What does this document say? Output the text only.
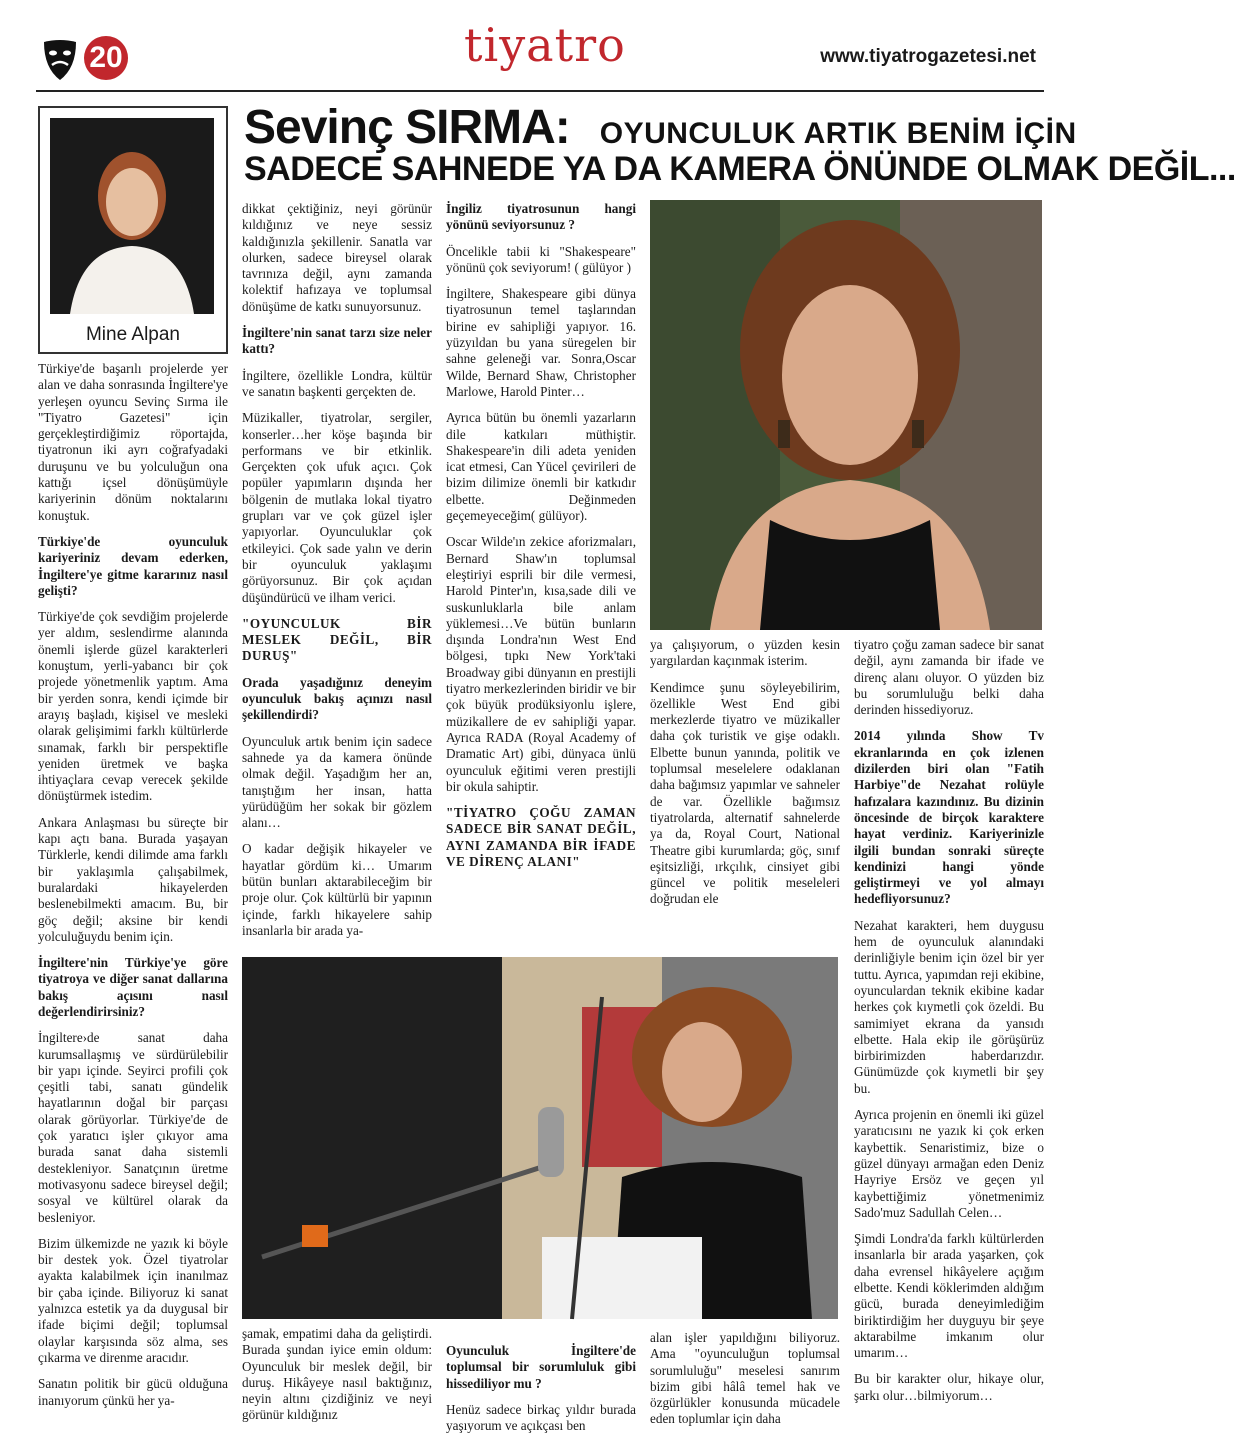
20	tiyatro	www.tiyatrogazetesi.net
Mine Alpan
Sevinç SIRMA: OYUNCULUK ARTIK BENİM İÇİN
SADECE SAHNEDE YA DA KAMERA ÖNÜNDE OLMAK DEĞİL...

Türkiye'de başarılı projelerde yer alan ve daha sonrasında İngiltere'ye yerleşen oyuncu Sevinç Sırma ile "Tiyatro Gazetesi" için gerçekleştirdiğimiz röportajda, tiyatronun iki ayrı coğrafyadaki duruşunu ve bu yolculuğun ona kattığı içsel dönüşümüyle kariyerinin dönüm noktalarını konuştuk.

Türkiye'de oyunculuk kariyeriniz devam ederken, İngiltere'ye gitme kararınız nasıl gelişti?

Türkiye'de çok sevdiğim projelerde yer aldım, seslendirme alanında önemli işlerde güzel karakterleri konuştum, yerli-yabancı bir çok projede yönetmenlik yaptım. Ama bir yerden sonra, kendi içimde bir arayış başladı, kişisel ve mesleki olarak gelişimimi farklı kültürlerde sınamak, farklı bir perspektifle yeniden üretmek ve başka ihtiyaçlara cevap verecek şekilde dönüştürmek istedim.

Ankara Anlaşması bu süreçte bir kapı açtı bana. Burada yaşayan Türklerle, kendi dilimde ama farklı bir yaklaşımla çalışabilmek, buralardaki hikayelerden beslenebilmekti amacım. Bu, bir göç değil; aksine bir kendi yolculuğuydu benim için.

İngiltere'nin Türkiye'ye göre tiyatroya ve diğer sanat dallarına bakış açısını nasıl değerlendirirsiniz?

İngiltere›de sanat daha kurumsallaşmış ve sürdürülebilir bir yapı içinde. Seyirci profili çok çeşitli tabi, sanatı gündelik hayatlarının doğal bir parçası olarak görüyorlar. Türkiye'de de çok yaratıcı işler çıkıyor ama burada sanat daha sistemli destekleniyor. Sanatçının üretme motivasyonu sadece bireysel değil; sosyal ve kültürel olarak da besleniyor.

Bizim ülkemizde ne yazık ki böyle bir destek yok. Özel tiyatrolar ayakta kalabilmek için inanılmaz bir çaba içinde. Biliyoruz ki sanat yalnızca estetik ya da duygusal bir ifade biçimi değil; toplumsal olaylar karşısında söz alma, ses çıkarma ve direnme aracıdır.

Sanatın politik bir gücü olduğuna inanıyorum çünkü her ya-

dikkat çektiğiniz, neyi görünür kıldığınız ve neye sessiz kaldığınızla şekillenir. Sanatla var olurken, sadece bireysel olarak tavrınıza değil, aynı zamanda kolektif hafızaya ve toplumsal dönüşüme de katkı sunuyorsunuz.

İngiltere'nin sanat tarzı size neler kattı?

İngiltere, özellikle Londra, kültür ve sanatın başkenti gerçekten de.

Müzikaller, tiyatrolar, sergiler, konserler…her köşe başında bir performans ve bir etkinlik. Gerçekten çok ufuk açıcı. Çok popüler yapımların dışında her bölgenin de mutlaka lokal tiyatro grupları var ve çok güzel işler yapıyorlar. Oyunculuklar çok etkileyici. Çok sade yalın ve derin bir oyunculuk yaklaşımı görüyorsunuz. Bir çok açıdan düşündürücü ve ilham verici.

"OYUNCULUK BİR MESLEK DEĞİL, BİR DURUŞ"

Orada yaşadığınız deneyim oyunculuk bakış açınızı nasıl şekillendirdi?

Oyunculuk artık benim için sadece sahnede ya da kamera önünde olmak değil. Yaşadığım her an, tanıştığım her insan, hatta yürüdüğüm her sokak bir gözlem alanı…

O kadar değişik hikayeler ve hayatlar gördüm ki… Umarım bütün bunları aktarabileceğim bir proje olur. Çok kültürlü bir yapının içinde, farklı hikayelere sahip insanlarla bir arada ya-

İngiliz tiyatrosunun hangi yönünü seviyorsunuz ?

Öncelikle tabii ki "Shakespeare" yönünü çok seviyorum! ( gülüyor )

İngiltere, Shakespeare gibi dünya tiyatrosunun temel taşlarından birine ev sahipliği yapıyor. 16. yüzyıldan bu yana süregelen bir sahne geleneği var. Sonra,Oscar Wilde, Bernard Shaw, Christopher Marlowe, Harold Pinter…

Ayrıca bütün bu önemli yazarların dile katkıları müthiştir. Shakespeare'in dili adeta yeniden icat etmesi, Can Yücel çevirileri de bizim dilimize önemli bir katkıdır elbette. Değinmeden geçemeyeceğim( gülüyor).

Oscar Wilde'ın zekice aforizmaları, Bernard Shaw'ın toplumsal eleştiriyi esprili bir dile vermesi, Harold Pinter'ın, kısa,sade dili ve suskunluklarla bile anlam yüklemesi…Ve bütün bunların dışında Londra'nın West End bölgesi, tıpkı New York'taki Broadway gibi dünyanın en prestijli tiyatro merkezlerinden biridir ve bir çok büyük prodüksiyonlu işlere, müzikallere de ev sahipliği yapar. Ayrıca RADA (Royal Academy of Dramatic Art) gibi, dünyaca ünlü oyunculuk eğitimi veren prestijli bir okula sahiptir.

"TİYATRO ÇOĞU ZAMAN SADECE BİR SANAT DEĞİL, AYNI ZAMANDA BİR İFADE VE DİRENÇ ALANI"

ya çalışıyorum, o yüzden kesin yargılardan kaçınmak isterim.

Kendimce şunu söyleyebilirim, özellikle West End gibi merkezlerde tiyatro ve müzikaller daha çok turistik ve gişe odaklı. Elbette bunun yanında, politik ve toplumsal meselelere odaklanan daha bağımsız yapımlar ve sahneler de var. Özellikle bağımsız tiyatrolarda, alternatif sahnelerde ya da, Royal Court, National Theatre gibi kurumlarda; göç, sınıf eşitsizliği, ırkçılık, cinsiyet gibi güncel ve politik meseleleri doğrudan ele

tiyatro çoğu zaman sadece bir sanat değil, aynı zamanda bir ifade ve direnç alanı oluyor. O yüzden biz bu sorumluluğu belki daha derinden hissediyoruz.

2014 yılında Show Tv ekranlarında en çok izlenen dizilerden biri olan "Fatih Harbiye"de Nezahat rolüyle hafızalara kazındınız. Bu dizinin öncesinde de birçok karaktere hayat verdiniz. Kariyerinizle ilgili bundan sonraki süreçte kendinizi hangi yönde geliştirmeyi ve yol almayı hedefliyorsunuz?

Nezahat karakteri, hem duygusu hem de oyunculuk alanındaki derinliğiyle benim için özel bir yer tuttu. Ayrıca, yapımdan reji ekibine, oyunculardan teknik ekibine kadar herkes çok kıymetli çok özeldi. Bu samimiyet ekrana da yansıdı elbette. Hala ekip ile görüşürüz birbirimizden haberdarızdır. Günümüzde çok kıymetli bir şey bu.

Ayrıca projenin en önemli iki güzel yaratıcısını ne yazık ki çok erken kaybettik. Senaristimiz, bize o güzel dünyayı armağan eden Deniz Hayriye Ersöz ve geçen yıl kaybettiğimiz yönetmenimiz Sado'muz Sadullah Celen…

Şimdi Londra'da farklı kültürlerden insanlarla bir arada yaşarken, çok daha evrensel hikâyelere açığım elbette. Kendi köklerimden aldığım gücü, burada deneyimlediğim biriktirdiğim her duyguyu bir şeye aktarabilme imkanım olur umarım…

Bu bir karakter olur, hikaye olur, şarkı olur…bilmiyorum…

şamak, empatimi daha da geliştirdi. Burada şundan iyice emin oldum: Oyunculuk bir meslek değil, bir duruş. Hikâyeye nasıl baktığınız, neyin altını çizdiğiniz ve neyi görünür kıldığınız

Oyunculuk İngiltere'de toplumsal bir sorumluluk gibi hissediliyor mu ?

Henüz sadece birkaç yıldır burada yaşıyorum ve açıkçası ben

alan işler yapıldığını biliyoruz. Ama "oyunculuğun toplumsal sorumluluğu" meselesi sanırım bizim gibi hâlâ temel hak ve özgürlükler konusunda mücadele eden toplumlar için daha
